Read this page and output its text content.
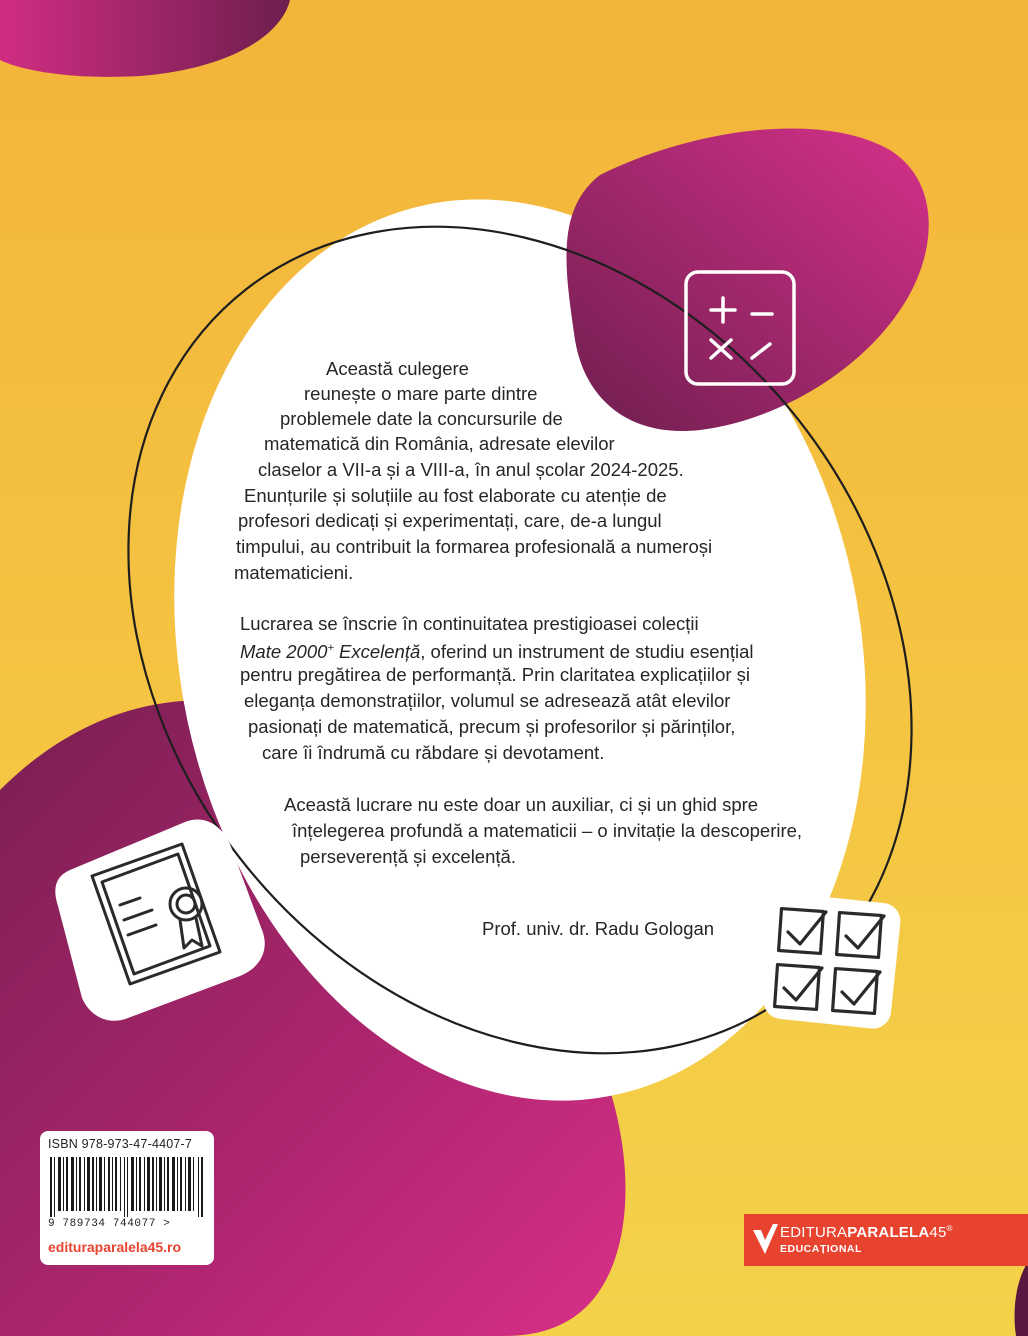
Această culegere
reunește o mare parte dintre
problemele date la concursurile de
matematică din România, adresate elevilor
claselor a VII-a și a VIII-a, în anul școlar 2024-2025.
Enunțurile și soluțiile au fost elaborate cu atenție de
profesori dedicați și experimentați, care, de-a lungul
timpului, au contribuit la formarea profesională a numeroși
matematicieni.
Lucrarea se înscrie în continuitatea prestigioasei colecții
Mate 2000+ Excelență, oferind un instrument de studiu esențial
pentru pregătirea de performanță. Prin claritatea explicațiilor și
eleganța demonstrațiilor, volumul se adresează atât elevilor
pasionați de matematică, precum și profesorilor și părinților,
care îi îndrumă cu răbdare și devotament.
Această lucrare nu este doar un auxiliar, ci și un ghid spre
înțelegerea profundă a matematicii – o invitație la descoperire,
perseverență și excelență.
Prof. univ. dr. Radu Gologan
ISBN 978-973-47-4407-7
9 789734 744077 >
edituraparalela45.ro
EDITURAPARALELA45®
EDUCAȚIONAL
